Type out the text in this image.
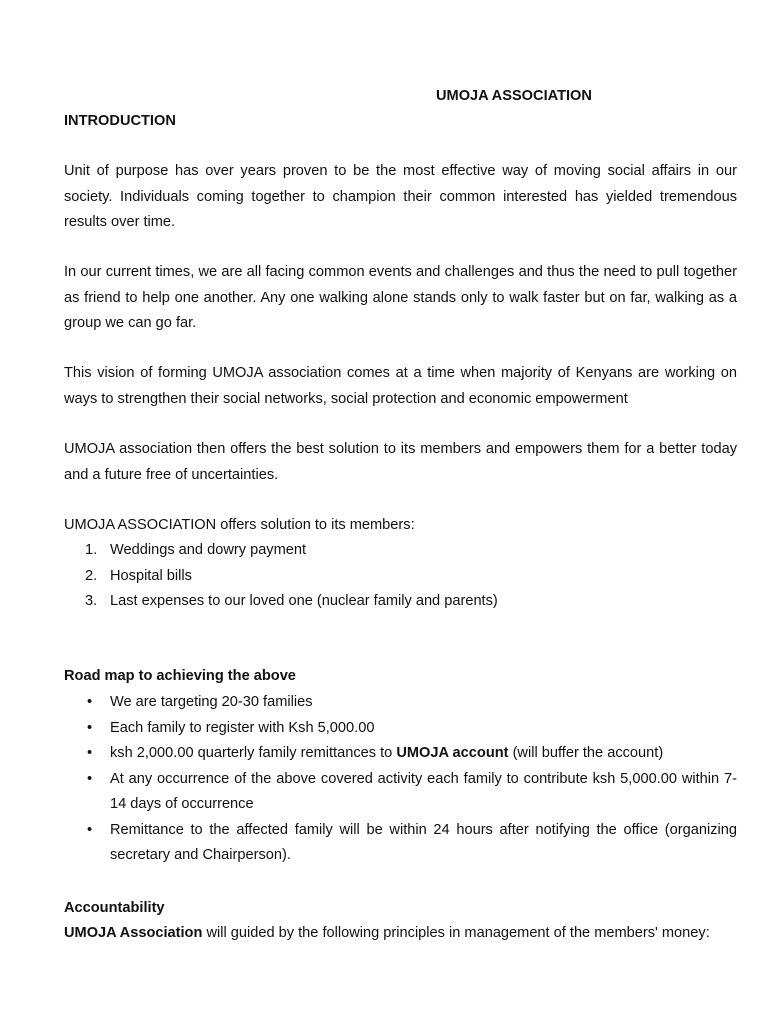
UMOJA ASSOCIATION
INTRODUCTION

Unit of purpose has over years proven to be the most effective way of moving social affairs in our society. Individuals coming together to champion their common interested has yielded tremendous results over time.

In our current times, we are all facing common events and challenges and thus the need to pull together as friend to help one another. Any one walking alone stands only to walk faster but on far, walking as a group we can go far.

This vision of forming UMOJA association comes at a time when majority of Kenyans are working on ways to strengthen their social networks, social protection and economic empowerment

UMOJA association then offers the best solution to its members and empowers them for a better today and a future free of uncertainties.

UMOJA ASSOCIATION offers solution to its members:
1. Weddings and dowry payment
2. Hospital bills
3. Last expenses to our loved one (nuclear family and parents)
Road map to achieving the above
• We are targeting 20-30 families
• Each family to register with Ksh 5,000.00
• ksh 2,000.00 quarterly family remittances to UMOJA account (will buffer the account)
• At any occurrence of the above covered activity each family to contribute ksh 5,000.00 within 7-14 days of occurrence
• Remittance to the affected family will be within 24 hours after notifying the office (organizing secretary and Chairperson).
Accountability

UMOJA Association will guided by the following principles in management of the members' money:
